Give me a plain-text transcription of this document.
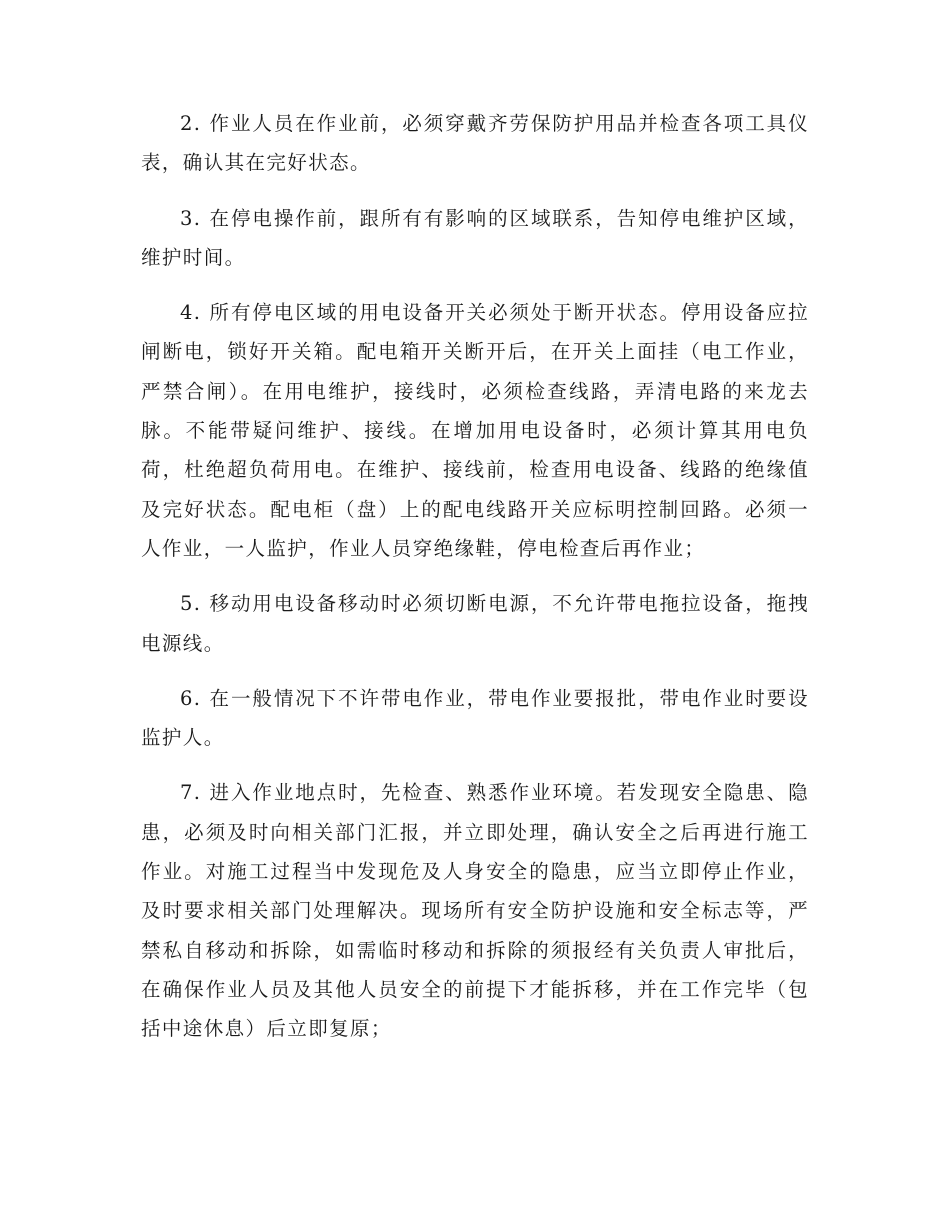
2. 作业人员在作业前，必须穿戴齐劳保防护用品并检查各项工具仪表，确认其在完好状态。

3. 在停电操作前，跟所有有影响的区域联系，告知停电维护区域，维护时间。

4. 所有停电区域的用电设备开关必须处于断开状态。停用设备应拉闸断电，锁好开关箱。配电箱开关断开后，在开关上面挂（电工作业，严禁合闸）。在用电维护，接线时，必须检查线路，弄清电路的来龙去脉。不能带疑问维护、接线。在增加用电设备时，必须计算其用电负荷，杜绝超负荷用电。在维护、接线前，检查用电设备、线路的绝缘值及完好状态。配电柜（盘）上的配电线路开关应标明控制回路。必须一人作业，一人监护，作业人员穿绝缘鞋，停电检查后再作业；

5. 移动用电设备移动时必须切断电源，不允许带电拖拉设备，拖拽电源线。

6. 在一般情况下不许带电作业，带电作业要报批，带电作业时要设监护人。

7. 进入作业地点时，先检查、熟悉作业环境。若发现安全隐患、隐患，必须及时向相关部门汇报，并立即处理，确认安全之后再进行施工作业。对施工过程当中发现危及人身安全的隐患，应当立即停止作业，及时要求相关部门处理解决。现场所有安全防护设施和安全标志等，严禁私自移动和拆除，如需临时移动和拆除的须报经有关负责人审批后，在确保作业人员及其他人员安全的前提下才能拆移，并在工作完毕（包括中途休息）后立即复原；
